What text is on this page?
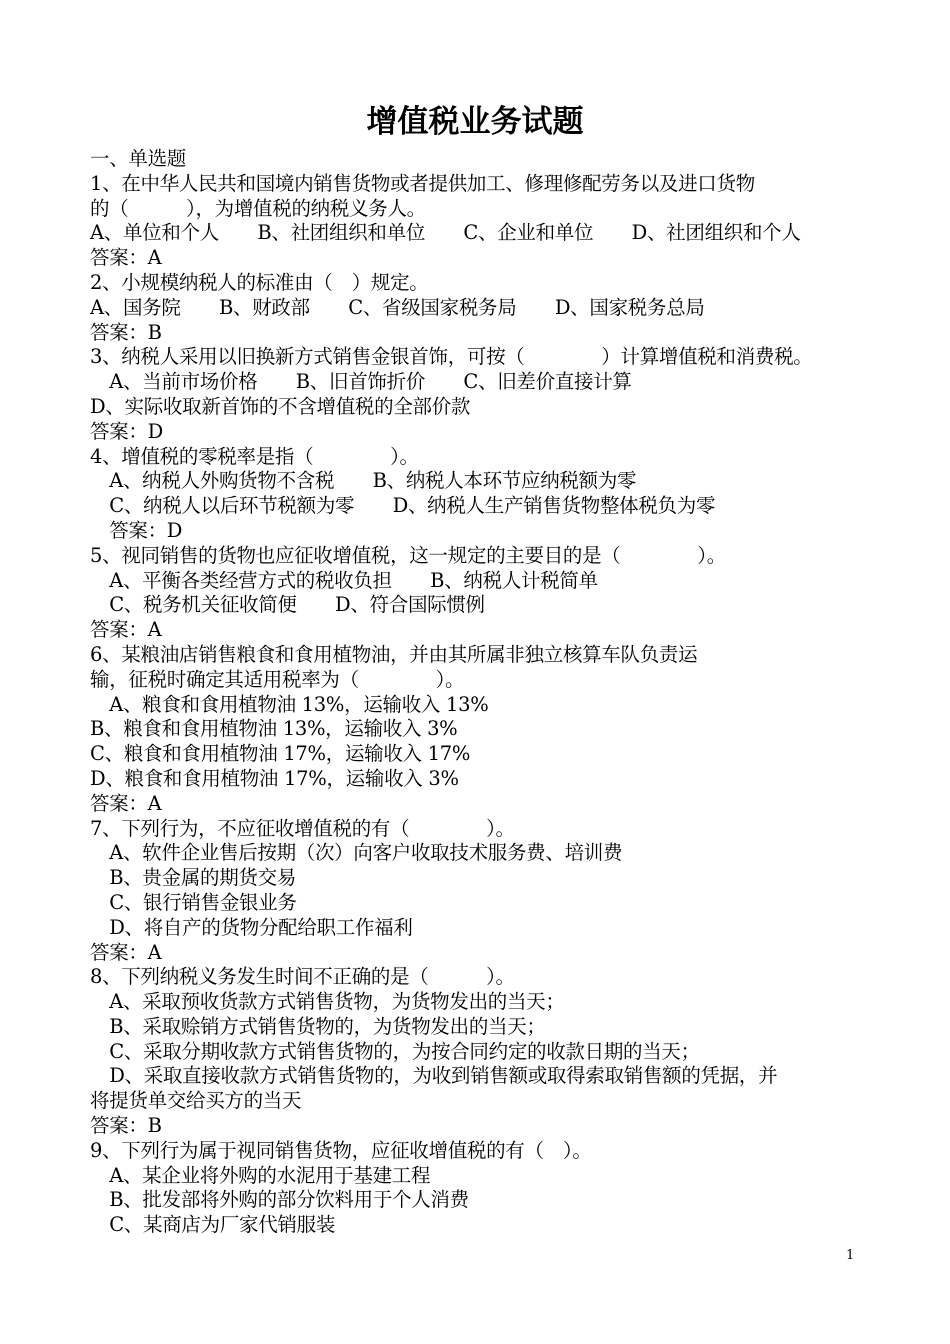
增值税业务试题
一、单选题
1、在中华人民共和国境内销售货物或者提供加工、修理修配劳务以及进口货物
的（　　　），为增值税的纳税义务人。
A、单位和个人　　B、社团组织和单位　　C、企业和单位　　D、社团组织和个人
答案：A
2、小规模纳税人的标准由（　）规定。
A、国务院　　B、财政部　　C、省级国家税务局　　D、国家税务总局
答案：B
3、纳税人采用以旧换新方式销售金银首饰，可按（　　　　）计算增值税和消费税。
　A、当前市场价格　　B、旧首饰折价　　C、旧差价直接计算
D、实际收取新首饰的不含增值税的全部价款
答案：D
4、增值税的零税率是指（　　　　）。
　A、纳税人外购货物不含税　　B、纳税人本环节应纳税额为零
　C、纳税人以后环节税额为零　　D、纳税人生产销售货物整体税负为零
　答案：D
5、视同销售的货物也应征收增值税，这一规定的主要目的是（　　　　）。
　A、平衡各类经营方式的税收负担　　B、纳税人计税简单
　C、税务机关征收简便　　D、符合国际惯例
答案：A
6、某粮油店销售粮食和食用植物油，并由其所属非独立核算车队负责运
输，征税时确定其适用税率为（　　　　）。
　A、粮食和食用植物油 13%，运输收入 13%
B、粮食和食用植物油 13%，运输收入 3%
C、粮食和食用植物油 17%，运输收入 17%
D、粮食和食用植物油 17%，运输收入 3%
答案：A
7、下列行为，不应征收增值税的有（　　　　）。
　A、软件企业售后按期（次）向客户收取技术服务费、培训费
　B、贵金属的期货交易
　C、银行销售金银业务
　D、将自产的货物分配给职工作福利
答案：A
8、下列纳税义务发生时间不正确的是（　　　）。
　A、采取预收货款方式销售货物，为货物发出的当天；
　B、采取赊销方式销售货物的，为货物发出的当天；
　C、采取分期收款方式销售货物的，为按合同约定的收款日期的当天；
　D、采取直接收款方式销售货物的，为收到销售额或取得索取销售额的凭据，并
将提货单交给买方的当天
答案：B
9、下列行为属于视同销售货物，应征收增值税的有（　）。
　A、某企业将外购的水泥用于基建工程
　B、批发部将外购的部分饮料用于个人消费
　C、某商店为厂家代销服装
1
